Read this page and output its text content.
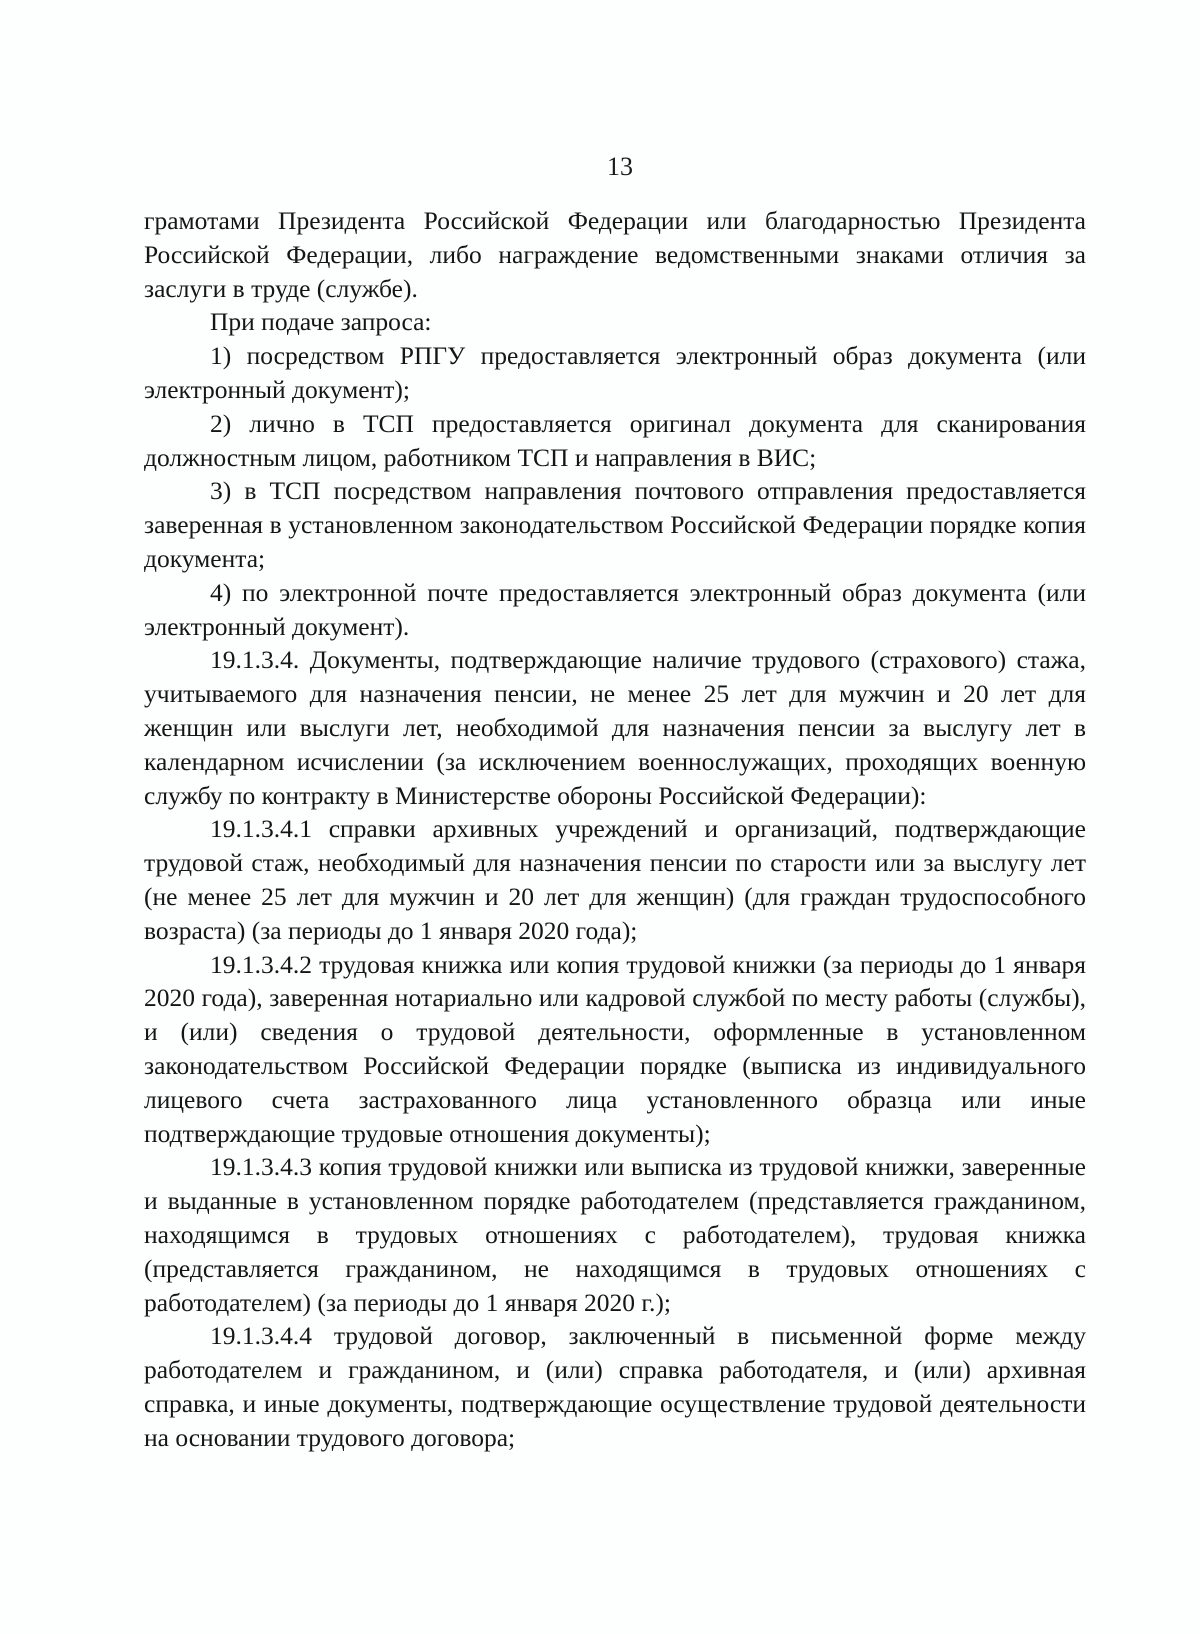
13

грамотами Президента Российской Федерации или благодарностью Президента Российской Федерации, либо награждение ведомственными знаками отличия за заслуги в труде (службе).

При подаче запроса:

1) посредством РПГУ предоставляется электронный образ документа (или электронный документ);

2) лично в ТСП предоставляется оригинал документа для сканирования должностным лицом, работником ТСП и направления в ВИС;

3) в ТСП посредством направления почтового отправления предоставляется заверенная в установленном законодательством Российской Федерации порядке копия документа;

4) по электронной почте предоставляется электронный образ документа (или электронный документ).

19.1.3.4. Документы, подтверждающие наличие трудового (страхового) стажа, учитываемого для назначения пенсии, не менее 25 лет для мужчин и 20 лет для женщин или выслуги лет, необходимой для назначения пенсии за выслугу лет в календарном исчислении (за исключением военнослужащих, проходящих военную службу по контракту в Министерстве обороны Российской Федерации):

19.1.3.4.1 справки архивных учреждений и организаций, подтверждающие трудовой стаж, необходимый для назначения пенсии по старости или за выслугу лет (не менее 25 лет для мужчин и 20 лет для женщин) (для граждан трудоспособного возраста) (за периоды до 1 января 2020 года);

19.1.3.4.2 трудовая книжка или копия трудовой книжки (за периоды до 1 января 2020 года), заверенная нотариально или кадровой службой по месту работы (службы), и (или) сведения о трудовой деятельности, оформленные в установленном законодательством Российской Федерации порядке (выписка из индивидуального лицевого счета застрахованного лица установленного образца или иные подтверждающие трудовые отношения документы);

19.1.3.4.3 копия трудовой книжки или выписка из трудовой книжки, заверенные и выданные в установленном порядке работодателем (представляется гражданином, находящимся в трудовых отношениях с работодателем), трудовая книжка (представляется гражданином, не находящимся в трудовых отношениях с работодателем) (за периоды до 1 января 2020 г.);

19.1.3.4.4 трудовой договор, заключенный в письменной форме между работодателем и гражданином, и (или) справка работодателя, и (или) архивная справка, и иные документы, подтверждающие осуществление трудовой деятельности на основании трудового договора;
